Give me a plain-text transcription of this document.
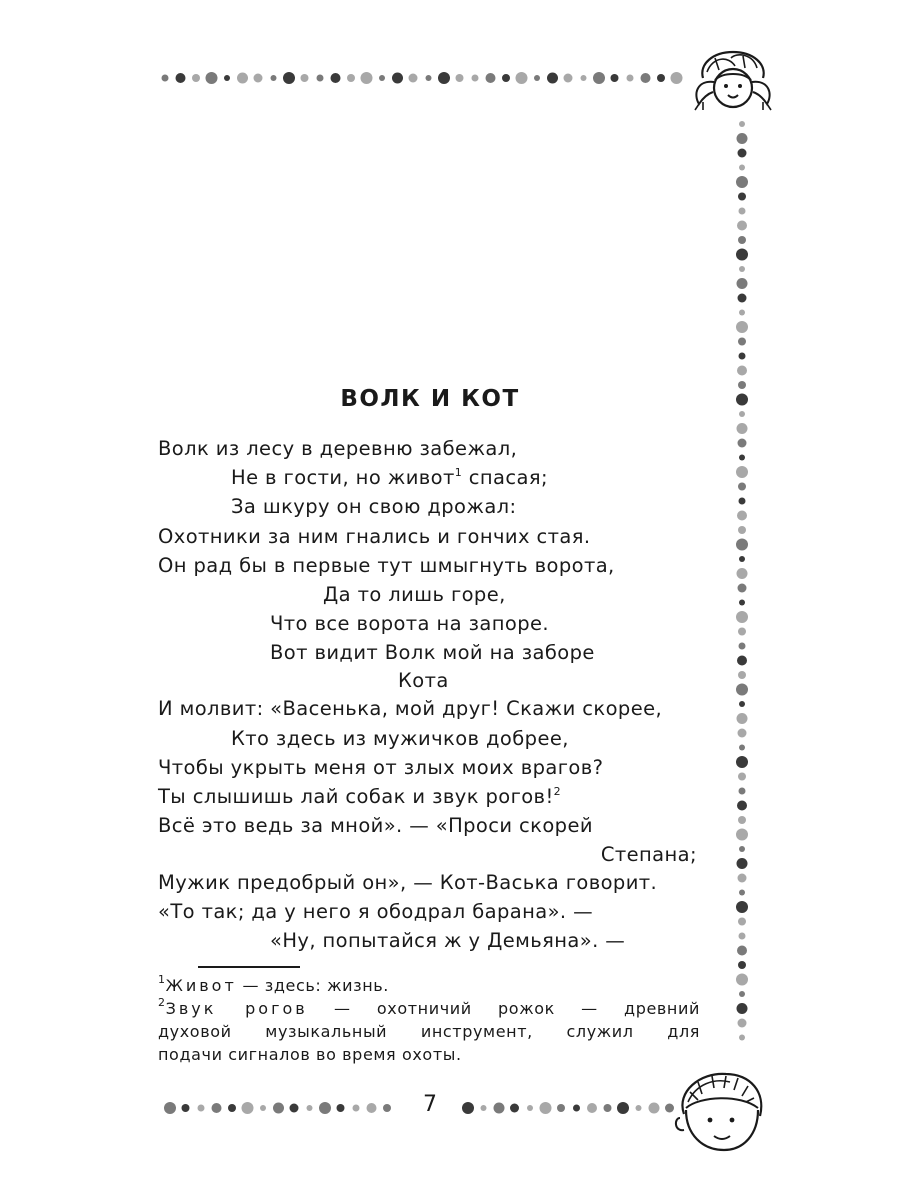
ВОЛК И КОТ
Волк из лесу в деревню забежал,
Не в гости, но живот$^1$ спасая;
За шкуру он свою дрожал:
Охотники за ним гнались и гончих стая.
Он рад бы в первые тут шмыгнуть ворота,
Да то лишь горе,
Что все ворота на запоре.
Вот видит Волк мой на заборе
Кота
И молвит: «Васенька, мой друг! Скажи скорее,
Кто здесь из мужичков добрее,
Чтобы укрыть меня от злых моих врагов?
Ты слышишь лай собак и звук рогов!$^2$
Всё это ведь за мной». — «Проси скорей
Степана;
Мужик предобрый он», — Кот-Васька говорит.
«То так; да у него я ободрал барана». —
«Ну, попытайся ж у Демьяна». —
$^1$Живот — здесь: жизнь.
$^2$Звук рогов — охотничий рожок — древний
духовой музыкальный инструмент, служил для
подачи сигналов во время охоты.
7
